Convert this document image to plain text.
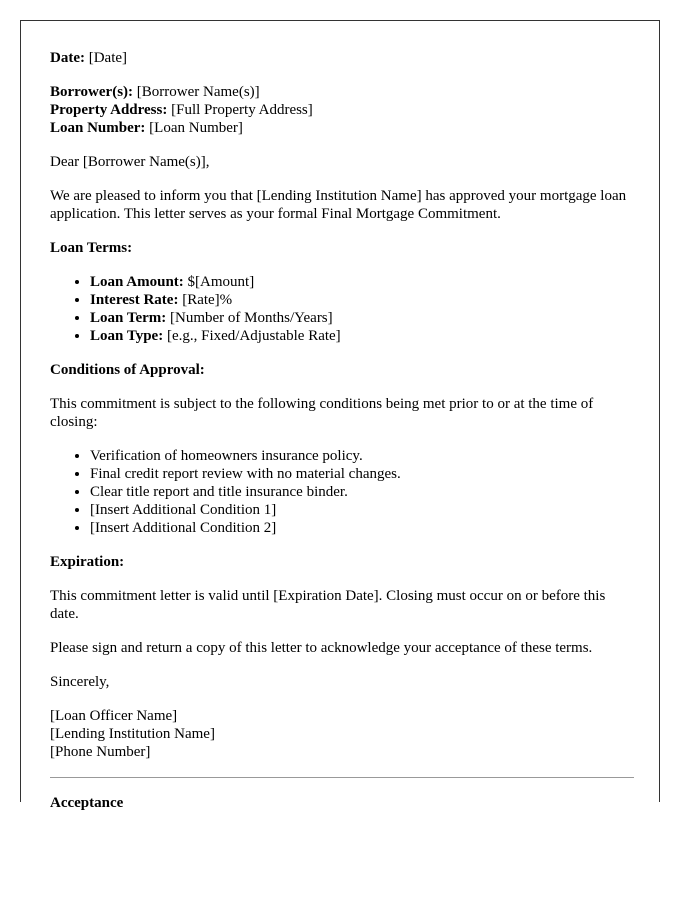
Date: [Date]

Borrower(s): [Borrower Name(s)]

Property Address: [Full Property Address]

Loan Number: [Loan Number]

Dear [Borrower Name(s)],

We are pleased to inform you that [Lending Institution Name] has approved your mortgage loan application. This letter serves as your formal Final Mortgage Commitment.

Loan Terms:

• Loan Amount: $[Amount]
• Interest Rate: [Rate]%
• Loan Term: [Number of Months/Years]
• Loan Type: [e.g., Fixed/Adjustable Rate]

Conditions of Approval:

This commitment is subject to the following conditions being met prior to or at the time of closing:

• Verification of homeowners insurance policy.
• Final credit report review with no material changes.
• Clear title report and title insurance binder.
• [Insert Additional Condition 1]
• [Insert Additional Condition 2]

Expiration:

This commitment letter is valid until [Expiration Date]. Closing must occur on or before this date.

Please sign and return a copy of this letter to acknowledge your acceptance of these terms.

Sincerely,

[Loan Officer Name]

[Lending Institution Name]

[Phone Number]

Acceptance
